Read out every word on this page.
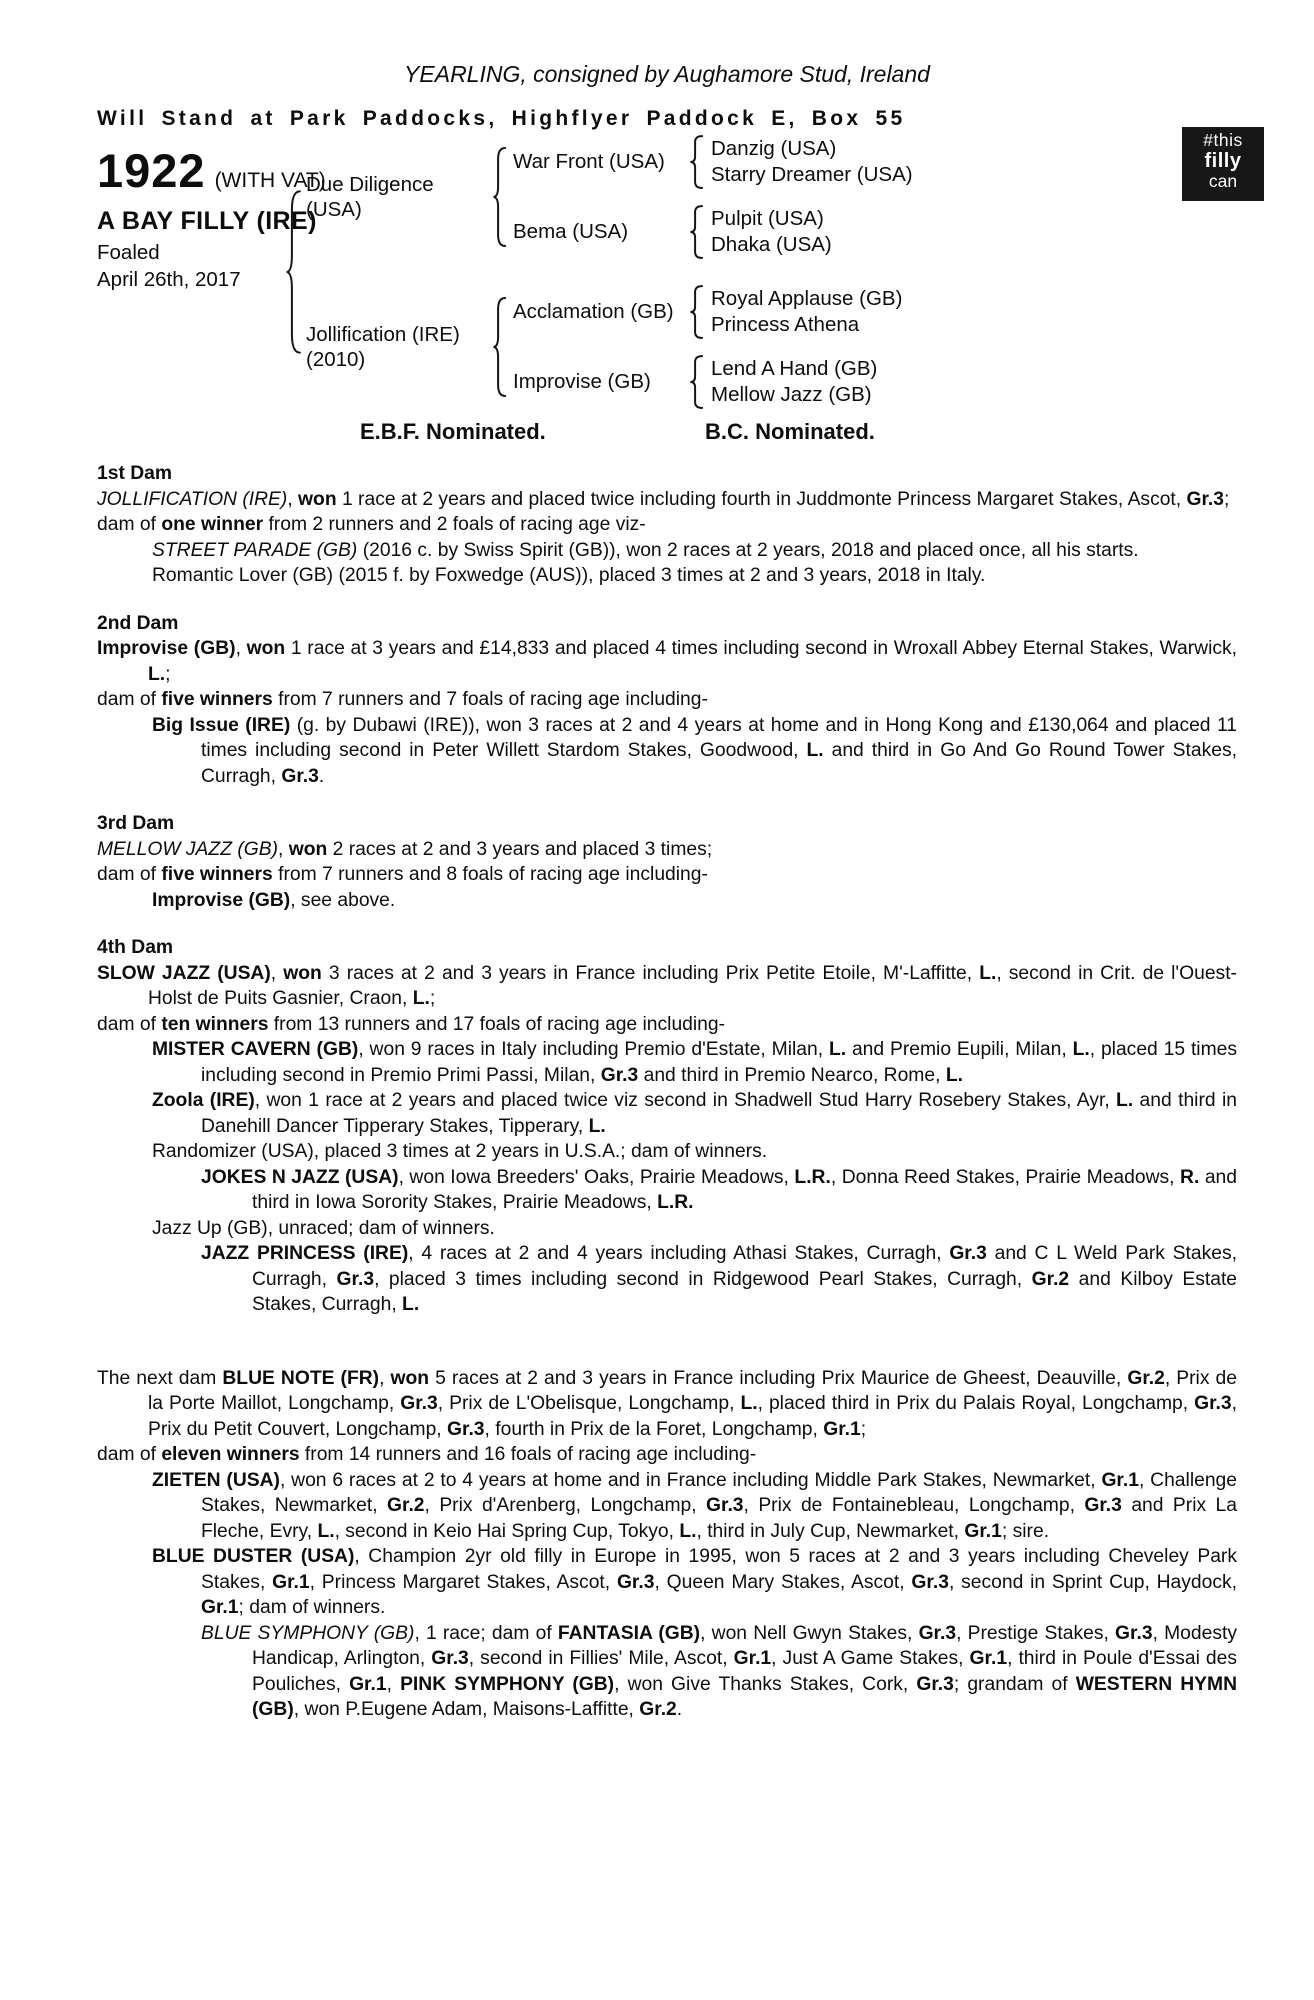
#this
filly
can
YEARLING, consigned by Aughamore Stud, Ireland
Will Stand at Park Paddocks, Highflyer Paddock E, Box 55
1922 (WITH VAT)
A BAY FILLY (IRE)
Foaled
April 26th, 2017
Due Diligence (USA)
War Front (USA)
Danzig (USA)
Starry Dreamer (USA)
Bema (USA)
Pulpit (USA)
Dhaka (USA)
Jollification (IRE)
(2010)
Acclamation (GB)
Royal Applause (GB)
Princess Athena
Improvise (GB)
Lend A Hand (GB)
Mellow Jazz (GB)
E.B.F. Nominated.	B.C. Nominated.
1st Dam

JOLLIFICATION (IRE), won 1 race at 2 years and placed twice including fourth in Juddmonte Princess Margaret Stakes, Ascot, Gr.3;

dam of one winner from 2 runners and 2 foals of racing age viz-

STREET PARADE (GB) (2016 c. by Swiss Spirit (GB)), won 2 races at 2 years, 2018 and placed once, all his starts.

Romantic Lover (GB) (2015 f. by Foxwedge (AUS)), placed 3 times at 2 and 3 years, 2018 in Italy.

2nd Dam

Improvise (GB), won 1 race at 3 years and £14,833 and placed 4 times including second in Wroxall Abbey Eternal Stakes, Warwick, L.;

dam of five winners from 7 runners and 7 foals of racing age including-

Big Issue (IRE) (g. by Dubawi (IRE)), won 3 races at 2 and 4 years at home and in Hong Kong and £130,064 and placed 11 times including second in Peter Willett Stardom Stakes, Goodwood, L. and third in Go And Go Round Tower Stakes, Curragh, Gr.3.

3rd Dam

MELLOW JAZZ (GB), won 2 races at 2 and 3 years and placed 3 times;

dam of five winners from 7 runners and 8 foals of racing age including-

Improvise (GB), see above.

4th Dam

SLOW JAZZ (USA), won 3 races at 2 and 3 years in France including Prix Petite Etoile, M'-Laffitte, L., second in Crit. de l'Ouest-Holst de Puits Gasnier, Craon, L.;

dam of ten winners from 13 runners and 17 foals of racing age including-

MISTER CAVERN (GB), won 9 races in Italy including Premio d'Estate, Milan, L. and Premio Eupili, Milan, L., placed 15 times including second in Premio Primi Passi, Milan, Gr.3 and third in Premio Nearco, Rome, L.

Zoola (IRE), won 1 race at 2 years and placed twice viz second in Shadwell Stud Harry Rosebery Stakes, Ayr, L. and third in Danehill Dancer Tipperary Stakes, Tipperary, L.

Randomizer (USA), placed 3 times at 2 years in U.S.A.; dam of winners.

JOKES N JAZZ (USA), won Iowa Breeders' Oaks, Prairie Meadows, L.R., Donna Reed Stakes, Prairie Meadows, R. and third in Iowa Sorority Stakes, Prairie Meadows, L.R.

Jazz Up (GB), unraced; dam of winners.

JAZZ PRINCESS (IRE), 4 races at 2 and 4 years including Athasi Stakes, Curragh, Gr.3 and C L Weld Park Stakes, Curragh, Gr.3, placed 3 times including second in Ridgewood Pearl Stakes, Curragh, Gr.2 and Kilboy Estate Stakes, Curragh, L.

The next dam BLUE NOTE (FR), won 5 races at 2 and 3 years in France including Prix Maurice de Gheest, Deauville, Gr.2, Prix de la Porte Maillot, Longchamp, Gr.3, Prix de L'Obelisque, Longchamp, L., placed third in Prix du Palais Royal, Longchamp, Gr.3, Prix du Petit Couvert, Longchamp, Gr.3, fourth in Prix de la Foret, Longchamp, Gr.1;

dam of eleven winners from 14 runners and 16 foals of racing age including-

ZIETEN (USA), won 6 races at 2 to 4 years at home and in France including Middle Park Stakes, Newmarket, Gr.1, Challenge Stakes, Newmarket, Gr.2, Prix d'Arenberg, Longchamp, Gr.3, Prix de Fontainebleau, Longchamp, Gr.3 and Prix La Fleche, Evry, L., second in Keio Hai Spring Cup, Tokyo, L., third in July Cup, Newmarket, Gr.1; sire.

BLUE DUSTER (USA), Champion 2yr old filly in Europe in 1995, won 5 races at 2 and 3 years including Cheveley Park Stakes, Gr.1, Princess Margaret Stakes, Ascot, Gr.3, Queen Mary Stakes, Ascot, Gr.3, second in Sprint Cup, Haydock, Gr.1; dam of winners.

BLUE SYMPHONY (GB), 1 race; dam of FANTASIA (GB), won Nell Gwyn Stakes, Gr.3, Prestige Stakes, Gr.3, Modesty Handicap, Arlington, Gr.3, second in Fillies' Mile, Ascot, Gr.1, Just A Game Stakes, Gr.1, third in Poule d'Essai des Pouliches, Gr.1, PINK SYMPHONY (GB), won Give Thanks Stakes, Cork, Gr.3; grandam of WESTERN HYMN (GB), won P.Eugene Adam, Maisons-Laffitte, Gr.2.
